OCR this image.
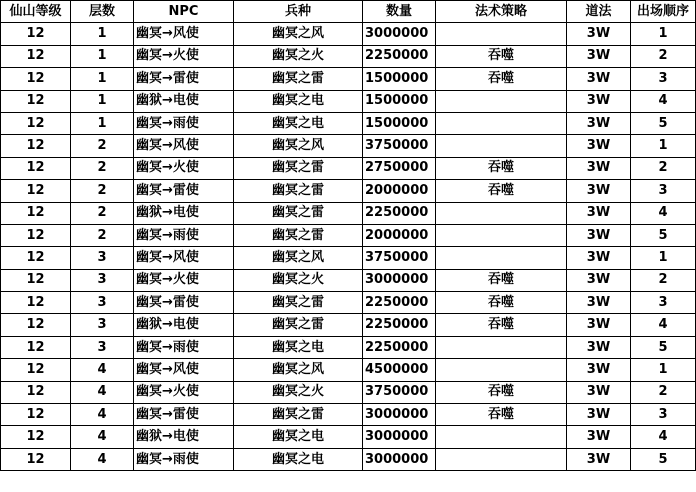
仙山等级	层数	NPC	兵种	数量	法术策略	道法	出场顺序
12	1	幽冥→风使	幽冥之风	3000000		3W	1
12	1	幽冥→火使	幽冥之火	2250000	吞噬	3W	2
12	1	幽冥→雷使	幽冥之雷	1500000	吞噬	3W	3
12	1	幽狱→电使	幽冥之电	1500000		3W	4
12	1	幽冥→雨使	幽冥之电	1500000		3W	5
12	2	幽冥→风使	幽冥之风	3750000		3W	1
12	2	幽冥→火使	幽冥之雷	2750000	吞噬	3W	2
12	2	幽冥→雷使	幽冥之雷	2000000	吞噬	3W	3
12	2	幽狱→电使	幽冥之雷	2250000		3W	4
12	2	幽冥→雨使	幽冥之雷	2000000		3W	5
12	3	幽冥→风使	幽冥之风	3750000		3W	1
12	3	幽冥→火使	幽冥之火	3000000	吞噬	3W	2
12	3	幽冥→雷使	幽冥之雷	2250000	吞噬	3W	3
12	3	幽狱→电使	幽冥之雷	2250000	吞噬	3W	4
12	3	幽冥→雨使	幽冥之电	2250000		3W	5
12	4	幽冥→风使	幽冥之风	4500000		3W	1
12	4	幽冥→火使	幽冥之火	3750000	吞噬	3W	2
12	4	幽冥→雷使	幽冥之雷	3000000	吞噬	3W	3
12	4	幽狱→电使	幽冥之电	3000000		3W	4
12	4	幽冥→雨使	幽冥之电	3000000		3W	5
